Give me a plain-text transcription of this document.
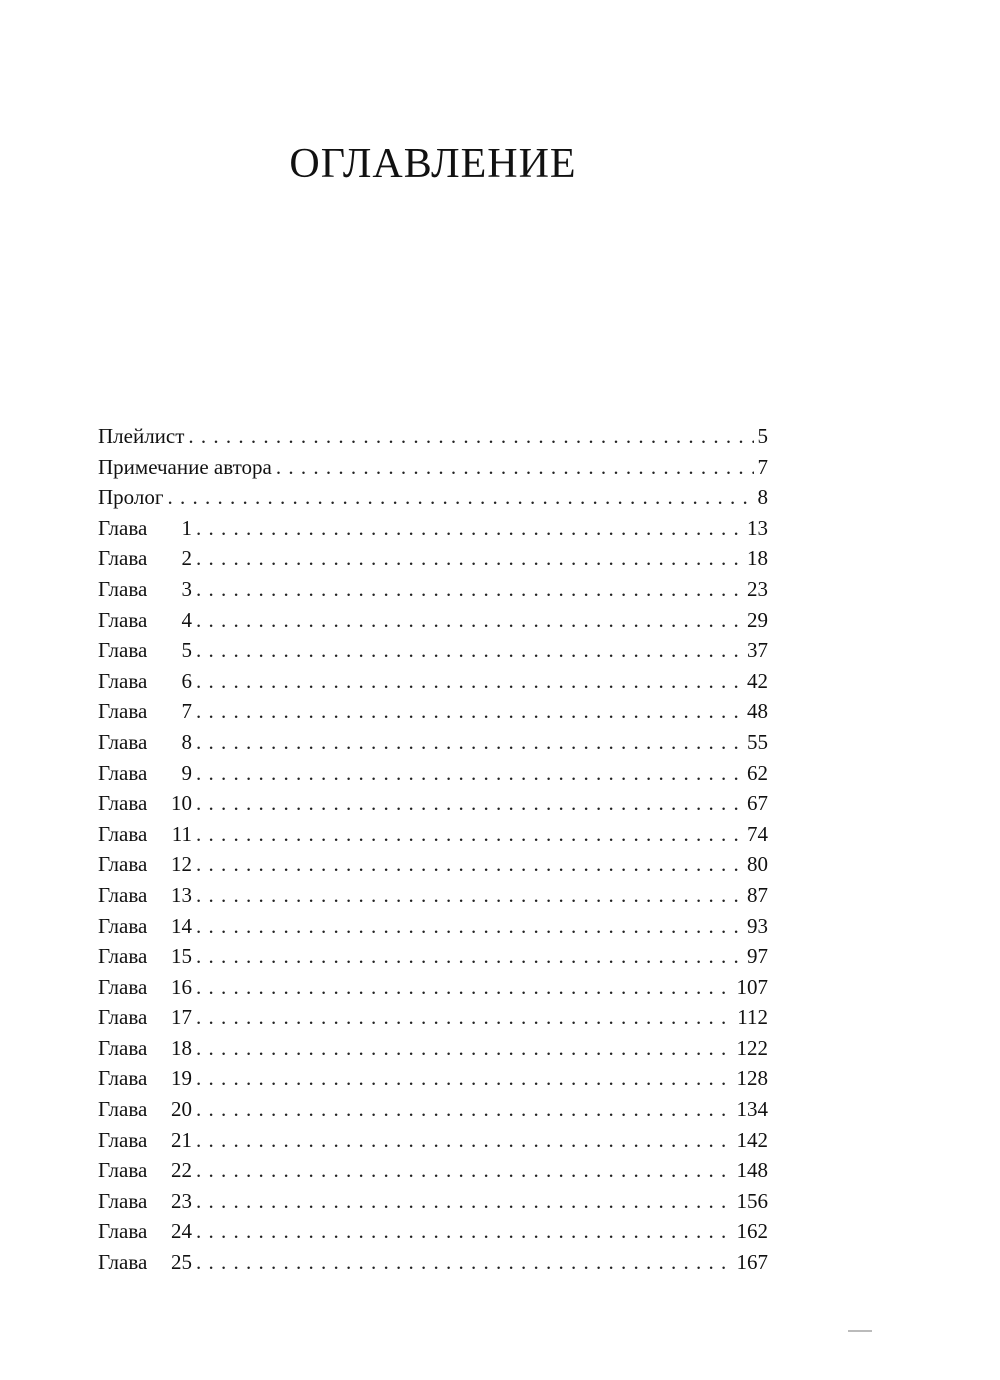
ОГЛАВЛЕНИЕ
Плейлист . . .	5
Примечание автора . . .	7
Пролог . . .	8
Глава	1 . . .	13
Глава	2 . . .	18
Глава	3 . . .	23
Глава	4 . . .	29
Глава	5 . . .	37
Глава	6 . . .	42
Глава	7 . . .	48
Глава	8 . . .	55
Глава	9 . . .	62
Глава	10 . . .	67
Глава	11 . . .	74
Глава	12 . . .	80
Глава	13 . . .	87
Глава	14 . . .	93
Глава	15 . . .	97
Глава	16 . . .	107
Глава	17 . . .	112
Глава	18 . . .	122
Глава	19 . . .	128
Глава	20 . . .	134
Глава	21 . . .	142
Глава	22 . . .	148
Глава	23 . . .	156
Глава	24 . . .	162
Глава	25 . . .	167
